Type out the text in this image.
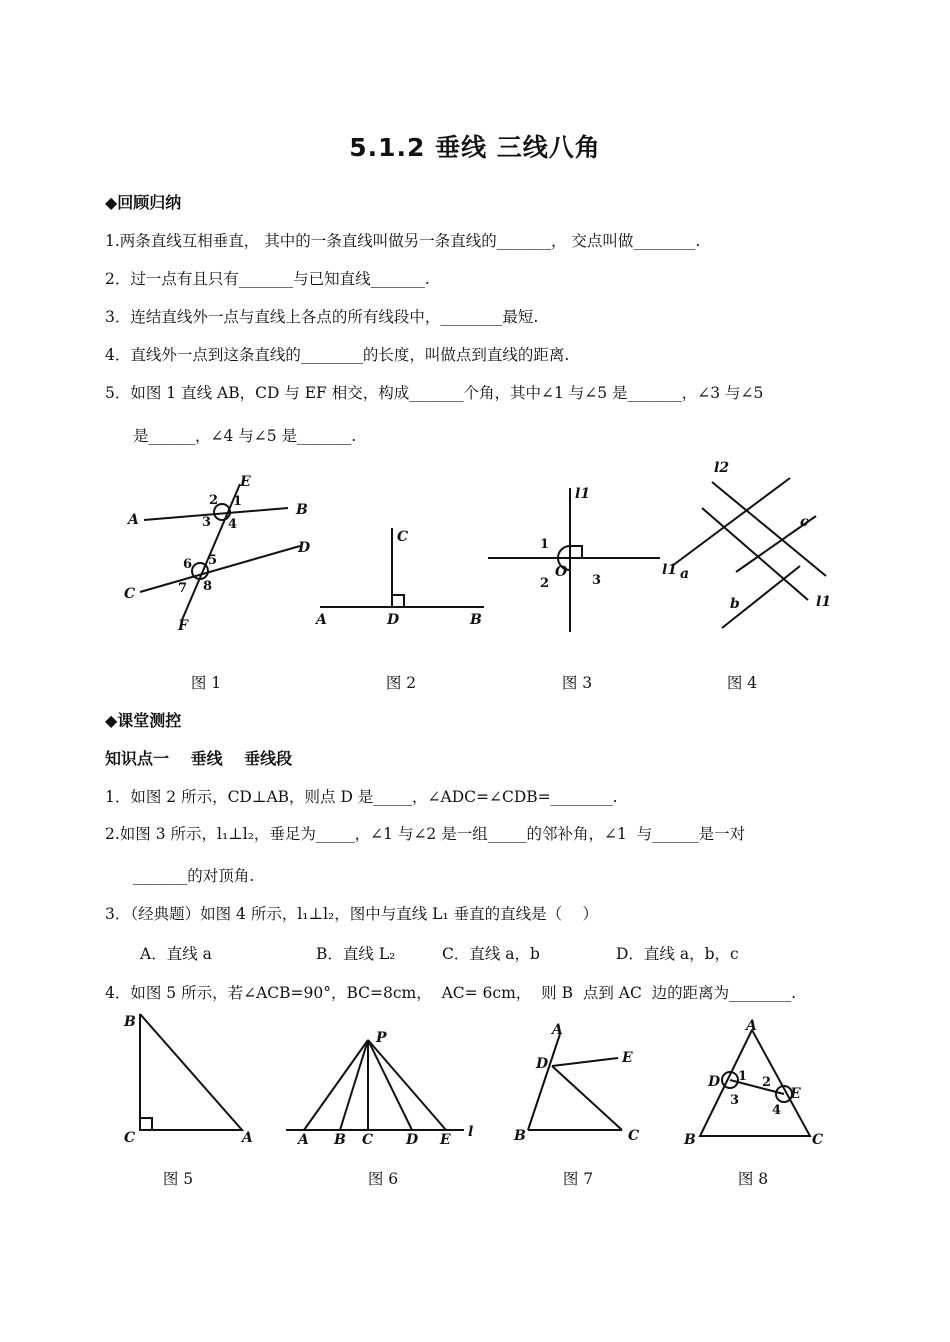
5.1.2 垂线 三线八角
◆回顾归纳
1.两条直线互相垂直， 其中的一条直线叫做另一条直线的_______， 交点叫做________.
2．过一点有且只有_______与已知直线_______.
3．连结直线外一点与直线上各点的所有线段中，________最短.
4．直线外一点到这条直线的________的长度，叫做点到直线的距离.
5．如图 1 直线 AB，CD 与 EF 相交，构成_______个角，其中∠1 与∠5 是_______，∠3 与∠5
是______，∠4 与∠5 是_______.
E
A
B
C
D
F
1
2
3 4
5
6
7 8
C
A	D	B
l1
l1
1
2	3
O
l2
c
a
b	l1
图 1	图 2	图 3	图 4
◆课堂测控
知识点一　 垂线　 垂线段
1．如图 2 所示，CD⊥AB，则点 D 是_____，∠ADC=∠CDB=________.
2.如图 3 所示，l₁⊥l₂，垂足为_____，∠1 与∠2 是一组_____的邻补角，∠1  与______是一对
_______的对顶角.
3．（经典题）如图 4 所示，l₁⊥l₂，图中与直线 L₁ 垂直的直线是（　 ）
A．直线 a	B．直线 L₂	C．直线 a，b	D．直线 a，b，c
4．如图 5 所示，若∠ACB=90°，BC=8cm，  AC= 6cm，  则 B  点到 AC  边的距离为________.
B
C	A
P
A B C D E l
A
D	E
B	C
A
D
E
1 2
3
4
B	C
图 5	图 6	图 7	图 8
